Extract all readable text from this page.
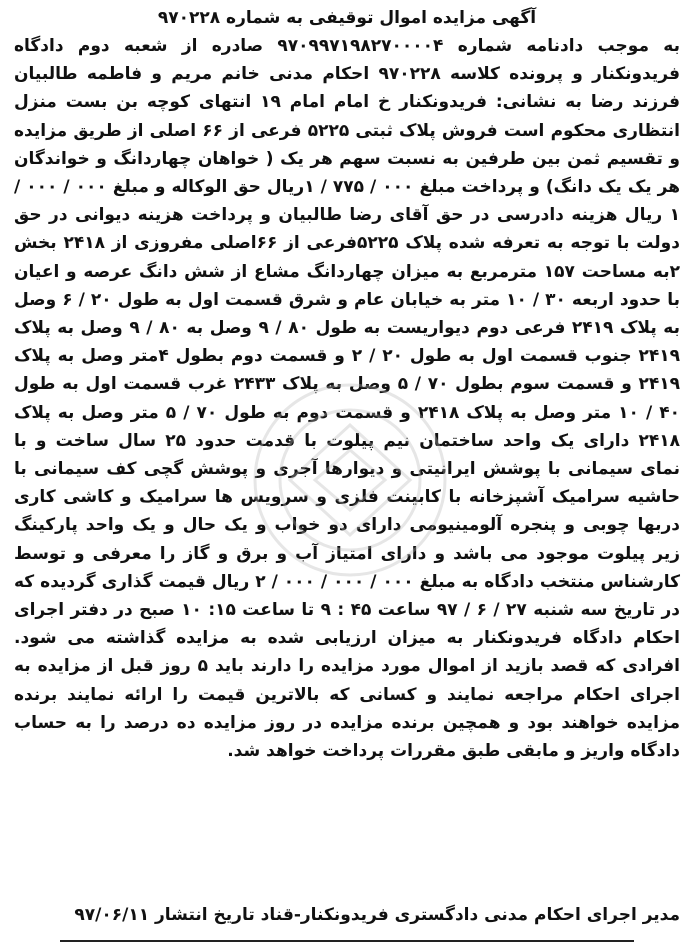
آگهی مزایده اموال توقیفی به شماره ۹۷۰۲۲۸

به موجب دادنامه شماره ۹۷۰۹۹۷۱۹۸۲۷۰۰۰۰۴ صادره از شعبه دوم دادگاه فریدونکنار و پرونده کلاسه ۹۷۰۲۲۸ احکام مدنی خانم مریم و فاطمه طالبیان فرزند رضا به نشانی: فریدونکنار خ امام امام ۱۹ انتهای کوچه بن بست منزل انتظاری محکوم است فروش پلاک ثبتی ۵۲۲۵ فرعی از ۶۶ اصلی از طریق مزایده و تقسیم ثمن بین طرفین به نسبت سهم هر یک ( خواهان چهاردانگ و خواندگان هر یک یک دانگ) و پرداخت مبلغ ۰۰۰ / ۷۷۵ / ۱ریال حق الوکاله و مبلغ ۰۰۰ / ۰۰۰ / ۱ ریال هزینه دادرسی در حق آقای رضا طالبیان و پرداخت هزینه دیوانی در حق دولت با توجه به تعرفه شده پلاک ۵۲۲۵فرعی از ۶۶اصلی مفروزی از ۲۴۱۸ بخش ۲به مساحت ۱۵۷ مترمربع به میزان چهاردانگ مشاع از شش دانگ عرصه و اعیان با حدود اربعه ۳۰ / ۱۰ متر به خیابان عام و شرق قسمت اول به طول ۲۰ / ۶ وصل به پلاک ۲۴۱۹ فرعی دوم دیواریست به طول ۸۰ / ۹ وصل به ۸۰ / ۹ وصل به پلاک ۲۴۱۹ جنوب قسمت اول به طول ۲۰ / ۲ و قسمت دوم بطول ۴متر وصل به پلاک ۲۴۱۹ و قسمت سوم بطول ۷۰ / ۵ وصل به پلاک ۲۴۳۳ غرب قسمت اول به طول ۴۰ / ۱۰ متر وصل به پلاک ۲۴۱۸ و قسمت دوم به طول ۷۰ / ۵ متر وصل به پلاک ۲۴۱۸ دارای یک واحد ساختمان نیم پیلوت با قدمت حدود ۲۵ سال ساخت و با نمای سیمانی با پوشش ایرانیتی و دیوارها آجری و پوشش گچی کف سیمانی با حاشیه سرامیک آشپزخانه با کابینت فلزی و سرویس ها سرامیک و کاشی کاری دربها چوبی و پنجره آلومینیومی دارای دو خواب و یک حال و یک واحد پارکینگ زیر پیلوت موجود می باشد و دارای امتیاز آب و برق و گاز را معرفی و توسط کارشناس منتخب دادگاه به مبلغ ۰۰۰ / ۰۰۰ / ۰۰۰ / ۲ ریال قیمت گذاری گردیده که در تاریخ سه شنبه ۲۷ / ۶ / ۹۷ ساعت ۴۵ : ۹ تا ساعت ۱۵: ۱۰ صبح در دفتر اجرای احکام دادگاه فریدونکنار به میزان ارزیابی شده به مزایده گذاشته می شود. افرادی که قصد بازید از اموال مورد مزایده را دارند باید ۵ روز قبل از مزایده به اجرای احکام مراجعه نمایند و کسانی که بالاترین قیمت را ارائه نمایند برنده مزایده خواهند بود و همچین برنده مزایده در روز مزایده ده درصد را به حساب دادگاه واریز و مابقی طبق مقررات پرداخت خواهد شد.

مدیر اجرای احکام مدنی دادگستری فریدونکنار-قناد تاریخ انتشار ۹۷/۰۶/۱۱
